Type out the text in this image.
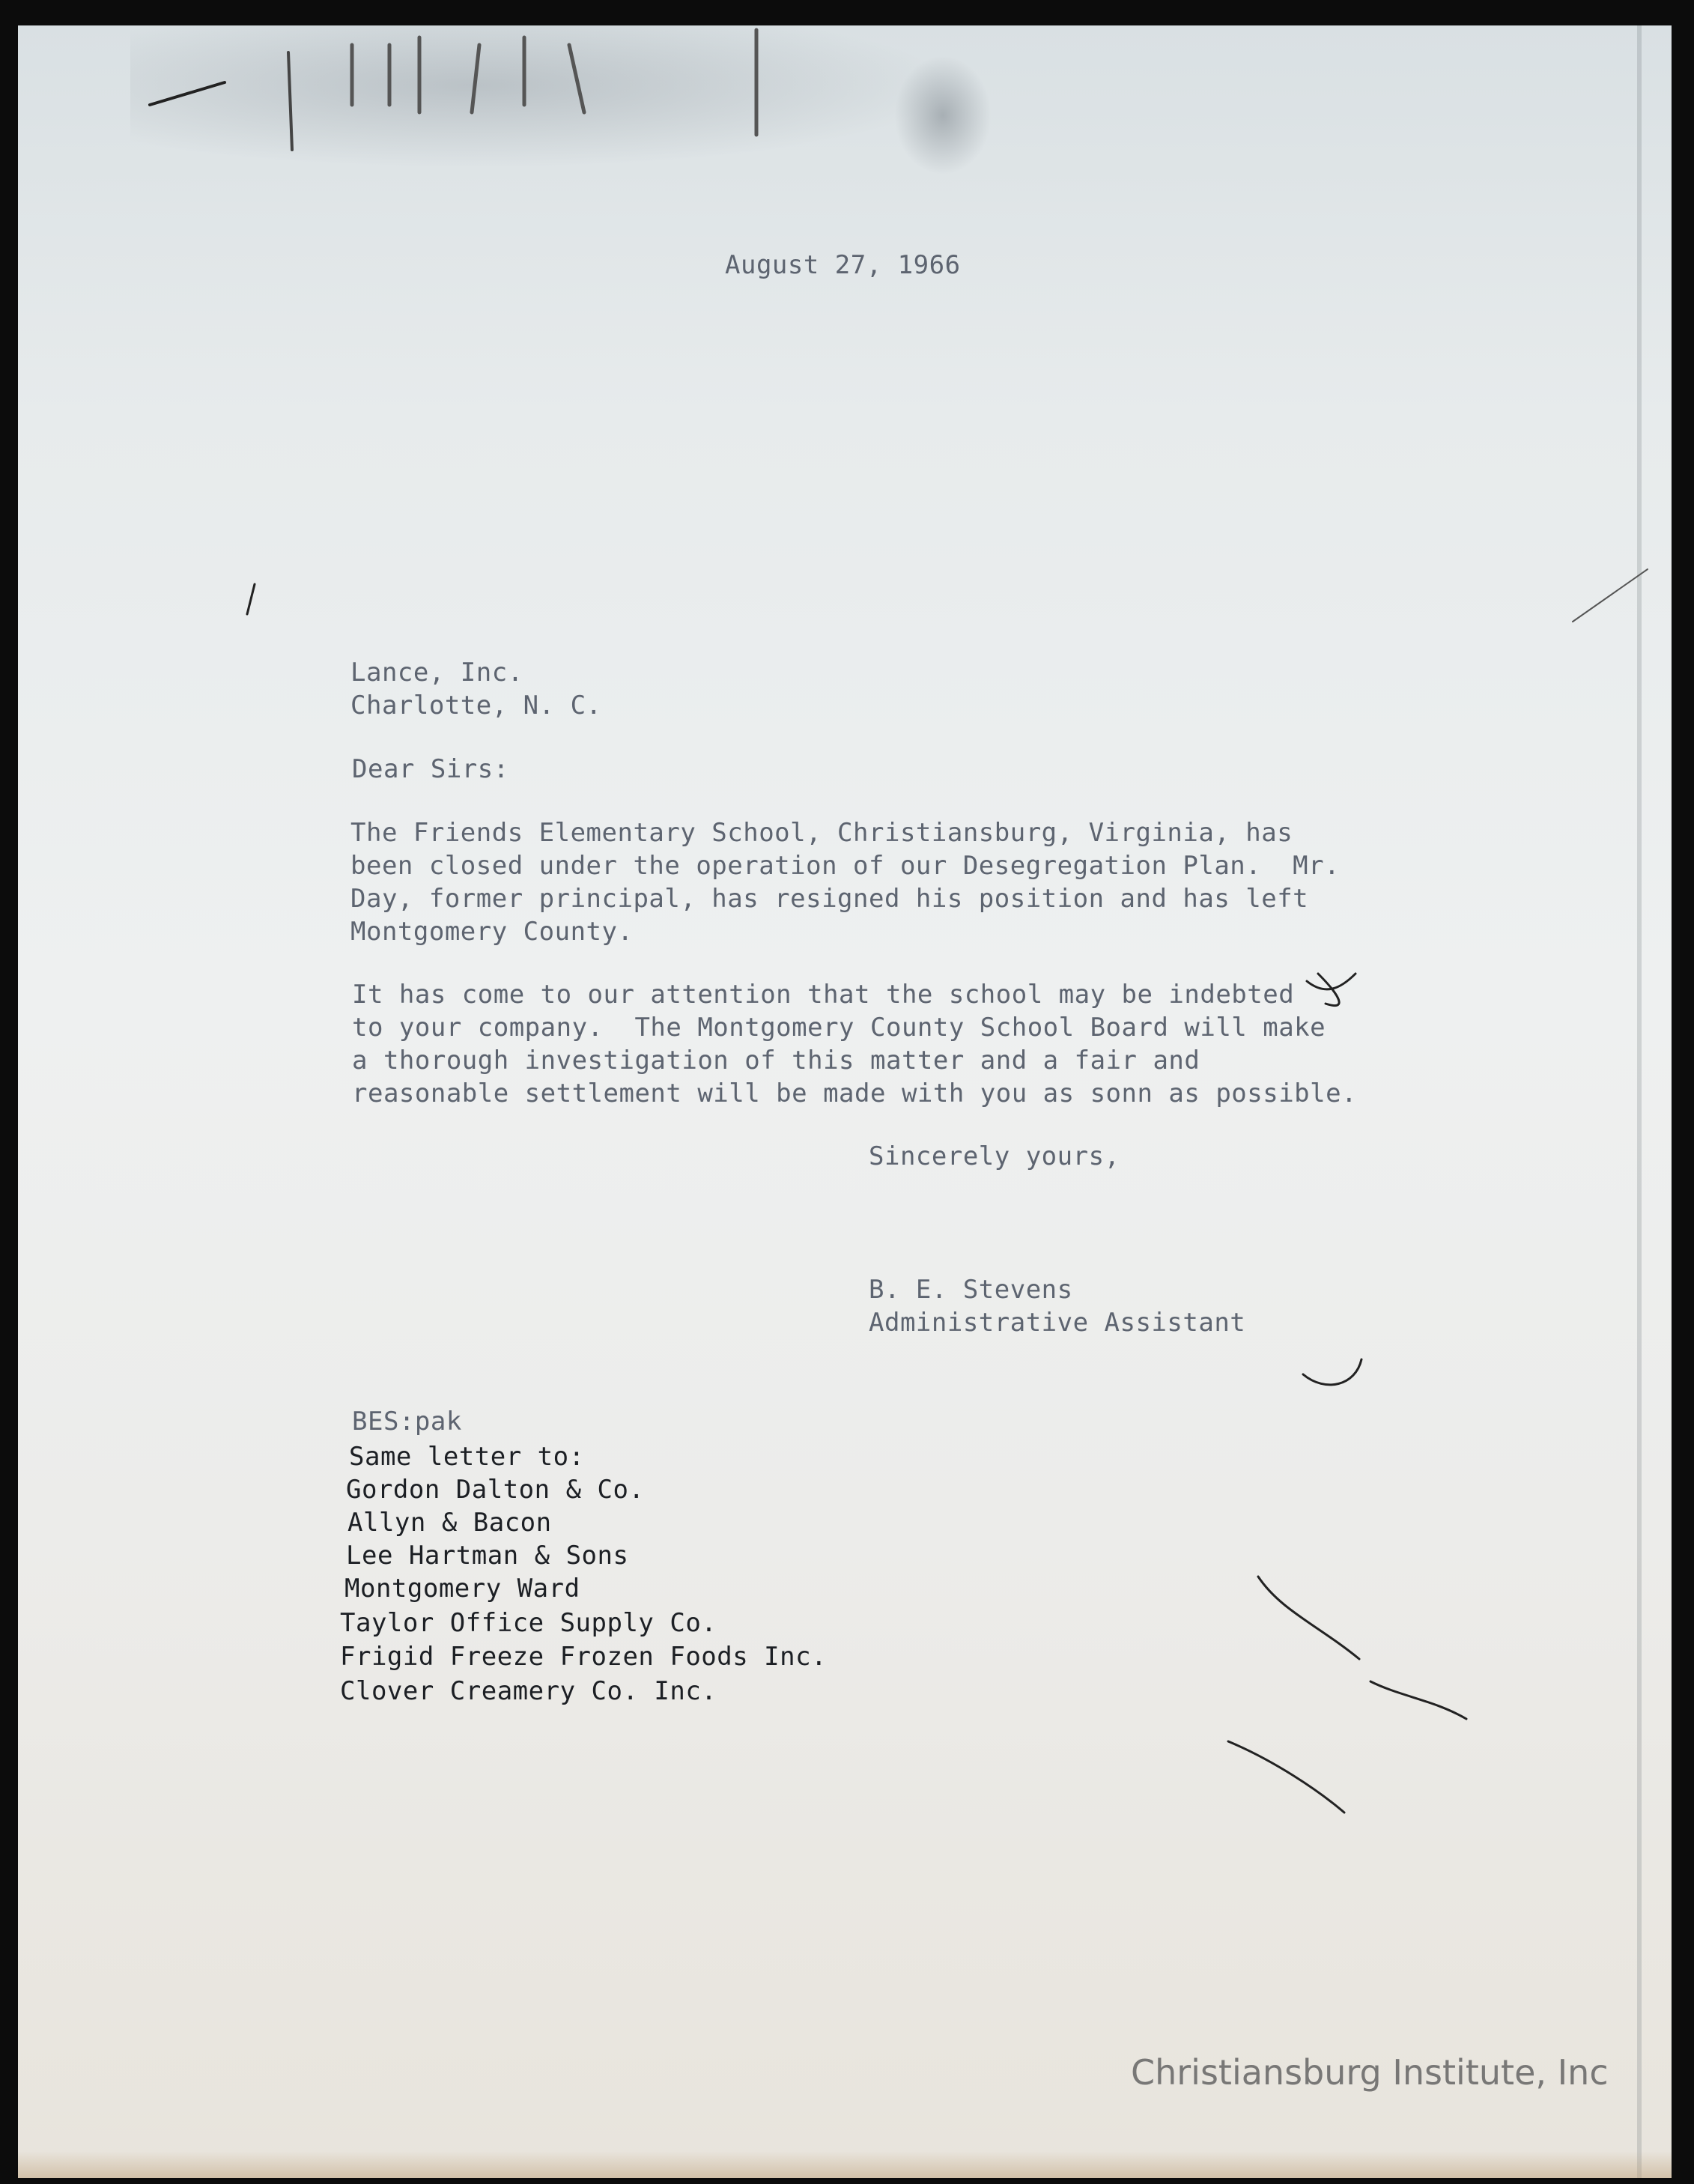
August 27, 1966
Lance, Inc.
Charlotte, N. C.
Dear Sirs:
The Friends Elementary School, Christiansburg, Virginia, has
been closed under the operation of our Desegregation Plan.  Mr.
Day, former principal, has resigned his position and has left
Montgomery County.
It has come to our attention that the school may be indebted
to your company.  The Montgomery County School Board will make
a thorough investigation of this matter and a fair and
reasonable settlement will be made with you as sonn as possible.
Sincerely yours,
B. E. Stevens
Administrative Assistant
BES:pak
Same letter to:
Gordon Dalton & Co.
Allyn & Bacon
Lee Hartman & Sons
Montgomery Ward
Taylor Office Supply Co.
Frigid Freeze Frozen Foods Inc.
Clover Creamery Co. Inc.
Christiansburg Institute, Inc
